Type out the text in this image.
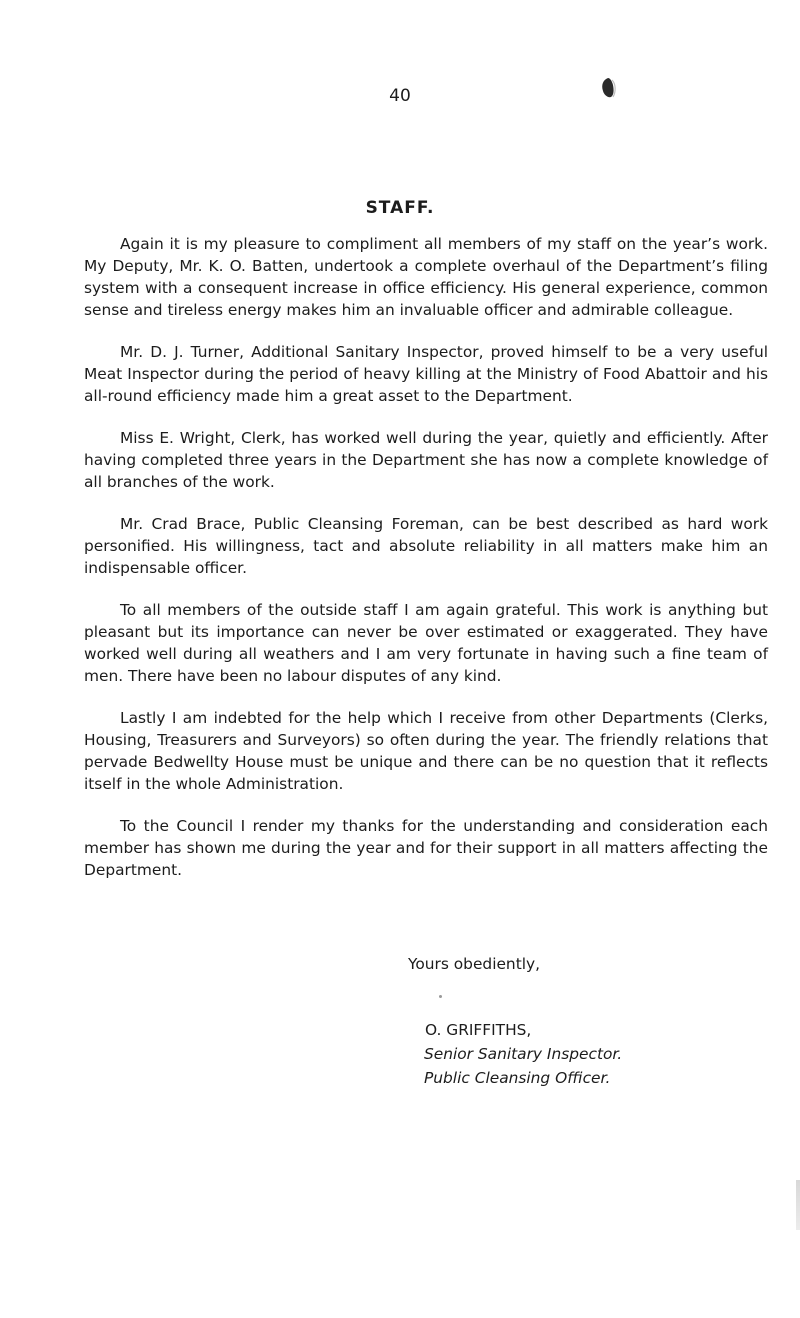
40
STAFF.

Again it is my pleasure to compliment all members of my staff on the year’s work. My Deputy, Mr. K. O. Batten, undertook a complete overhaul of the Department’s filing system with a consequent increase in office efficiency. His general experience, common sense and tireless energy makes him an invaluable officer and admirable colleague.

Mr. D. J. Turner, Additional Sanitary Inspector, proved himself to be a very useful Meat Inspector during the period of heavy killing at the Ministry of Food Abattoir and his all-round efficiency made him a great asset to the Department.

Miss E. Wright, Clerk, has worked well during the year, quietly and efficiently. After having completed three years in the Department she has now a complete knowledge of all branches of the work.

Mr. Crad Brace, Public Cleansing Foreman, can be best described as hard work personified. His willingness, tact and absolute reliability in all matters make him an indispensable officer.

To all members of the outside staff I am again grateful. This work is anything but pleasant but its importance can never be over estimated or exaggerated. They have worked well during all weathers and I am very fortunate in having such a fine team of men. There have been no labour disputes of any kind.

Lastly I am indebted for the help which I receive from other Departments (Clerks, Housing, Treasurers and Surveyors) so often during the year. The friendly relations that pervade Bedwellty House must be unique and there can be no question that it reflects itself in the whole Administration.

To the Council I render my thanks for the understanding and consideration each member has shown me during the year and for their support in all matters affecting the Department.

Yours obediently,
O. GRIFFITHS,
Senior Sanitary Inspector.
Public Cleansing Officer.
